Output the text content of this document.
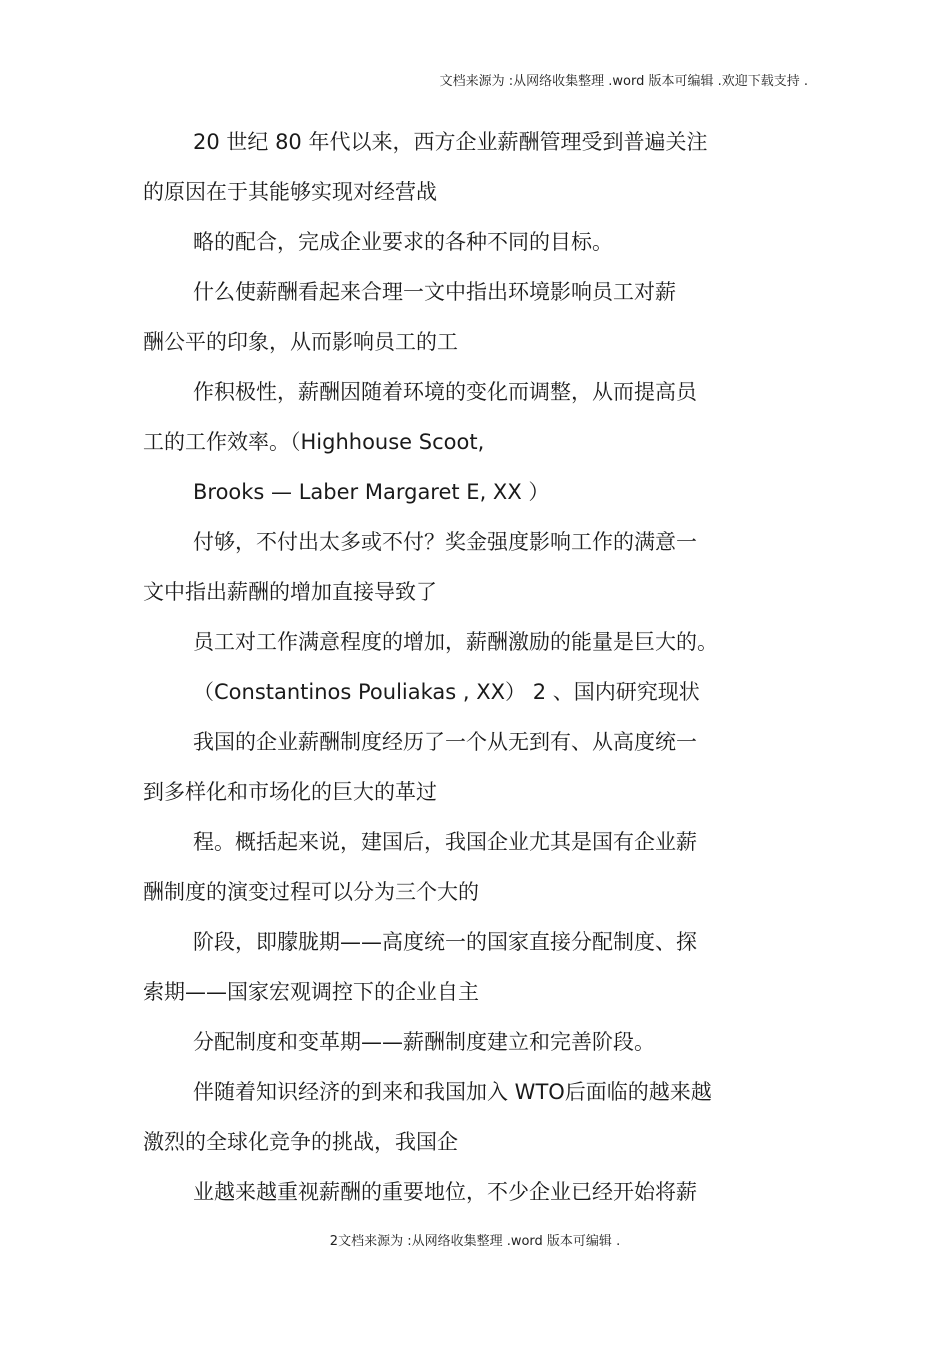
文档来源为 :从网络收集整理 .word 版本可编辑 .欢迎下载支持 .
20 世纪 80 年代以来，西方企业薪酬管理受到普遍关注
的原因在于其能够实现对经营战
略的配合，完成企业要求的各种不同的目标。
什么使薪酬看起来合理一文中指出环境影响员工对薪
酬公平的印象，从而影响员工的工
作积极性，薪酬因随着环境的变化而调整，从而提高员
工的工作效率。（Highhouse Scoot,
Brooks — Laber Margaret E, XX ）
付够，不付出太多或不付？奖金强度影响工作的满意一
文中指出薪酬的增加直接导致了
员工对工作满意程度的增加，薪酬激励的能量是巨大的。
（Constantinos Pouliakas , XX） 2 、国内研究现状
我国的企业薪酬制度经历了一个从无到有、从高度统一
到多样化和市场化的巨大的革过
程。概括起来说，建国后，我国企业尤其是国有企业薪
酬制度的演变过程可以分为三个大的
阶段，即朦胧期——高度统一的国家直接分配制度、探
索期——国家宏观调控下的企业自主
分配制度和变革期——薪酬制度建立和完善阶段。
伴随着知识经济的到来和我国加入 WTO后面临的越来越
激烈的全球化竞争的挑战，我国企
业越来越重视薪酬的重要地位，不少企业已经开始将薪
2文档来源为 :从网络收集整理 .word 版本可编辑 .
